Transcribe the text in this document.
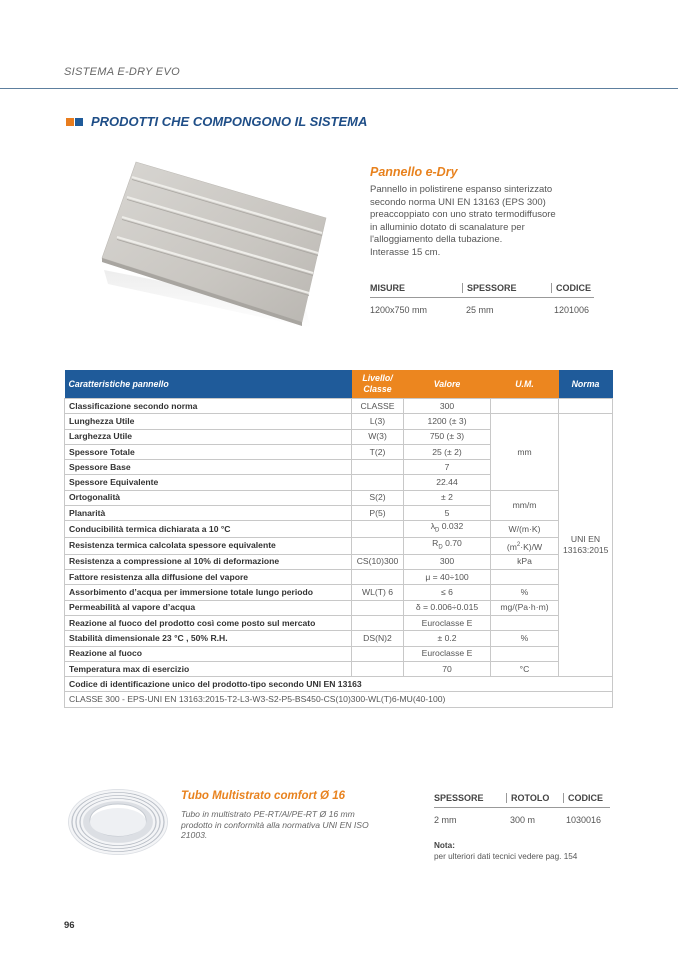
SISTEMA E-DRY EVO
PRODOTTI CHE COMPONGONO IL SISTEMA
Pannello e-Dry
Pannello in polistirene espanso sinterizzato
secondo norma UNI EN 13163 (EPS 300)
preaccoppiato con uno strato termodiffusore
in alluminio dotato di scanalature per
l'alloggiamento della tubazione.
Interasse 15 cm.
MISURE	SPESSORE	CODICE
1200x750 mm	25 mm	1201006
Caratteristiche pannello	Livello/
Classe	Valore	U.M.	Norma	
Classificazione secondo norma	CLASSE	300			
Lunghezza Utile	L(3)	1200 (± 3)	mm	UNI EN
13163:2015	
Larghezza Utile	W(3)	750 (± 3)			
Spessore Totale	T(2)	25 (± 2)			
Spessore Base		7			
Spessore Equivalente		22.44			
Ortogonalità	S(2)	± 2	mm/m		
Planarità	P(5)	5			
Conducibilità termica dichiarata a 10 °C		$\lambda_D$ 0.032	W/(m·K)		
Resistenza termica calcolata spessore equivalente		$R_D$ 0.70	$(m^2\cdot K)/W$		
Resistenza a compressione al 10% di deformazione	CS(10)300	300	kPa		
Fattore resistenza alla diffusione del vapore		μ = 40÷100			
Assorbimento d’acqua per immersione totale lungo periodo	WL(T) 6	≤ 6	%		
Permeabilità al vapore d’acqua		δ = 0.006÷0.015	mg/(Pa·h·m)		
Reazione al fuoco del prodotto così come posto sul mercato		Euroclasse E			
Stabilità dimensionale 23 °C , 50% R.H.	DS(N)2	± 0.2	%		
Reazione al fuoco		Euroclasse E			
Temperatura max di esercizio		70	°C		
Codice di identificazione unico del prodotto-tipo secondo UNI EN 13163					
CLASSE 300 - EPS-UNI EN 13163:2015-T2-L3-W3-S2-P5-BS450-CS(10)300-WL(T)6-MU(40-100)					
Tubo Multistrato comfort Ø 16
Tubo in multistrato PE-RT/Al/PE-RT Ø 16 mm
prodotto in conformità alla normativa UNI EN ISO
21003.
SPESSORE	ROTOLO	CODICE
2 mm	300 m	1030016
Nota:
per ulteriori dati tecnici vedere pag. 154
96
